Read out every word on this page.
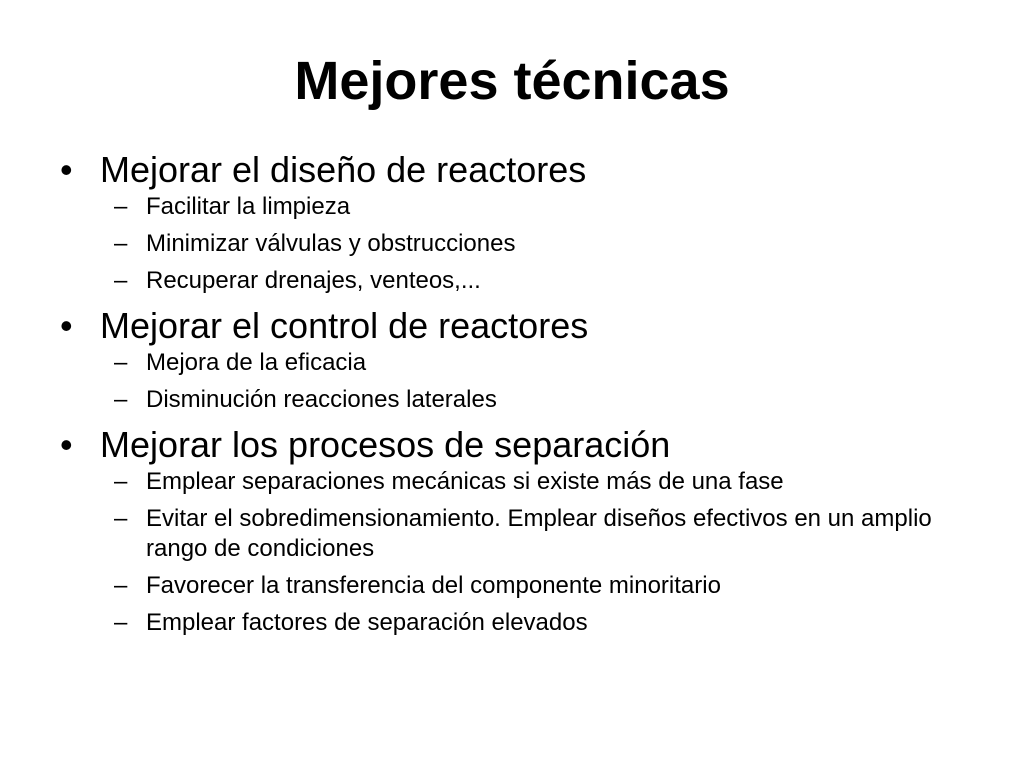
Mejores técnicas
• Mejorar el diseño de reactores
– Facilitar la limpieza
– Minimizar válvulas y obstrucciones
– Recuperar drenajes, venteos,...
• Mejorar el control de reactores
– Mejora de la eficacia
– Disminución reacciones laterales
• Mejorar los procesos de separación
– Emplear separaciones mecánicas si existe más de una fase
– Evitar el sobredimensionamiento. Emplear diseños efectivos en un amplio rango de condiciones
– Favorecer la transferencia del componente minoritario
– Emplear factores de separación elevados
